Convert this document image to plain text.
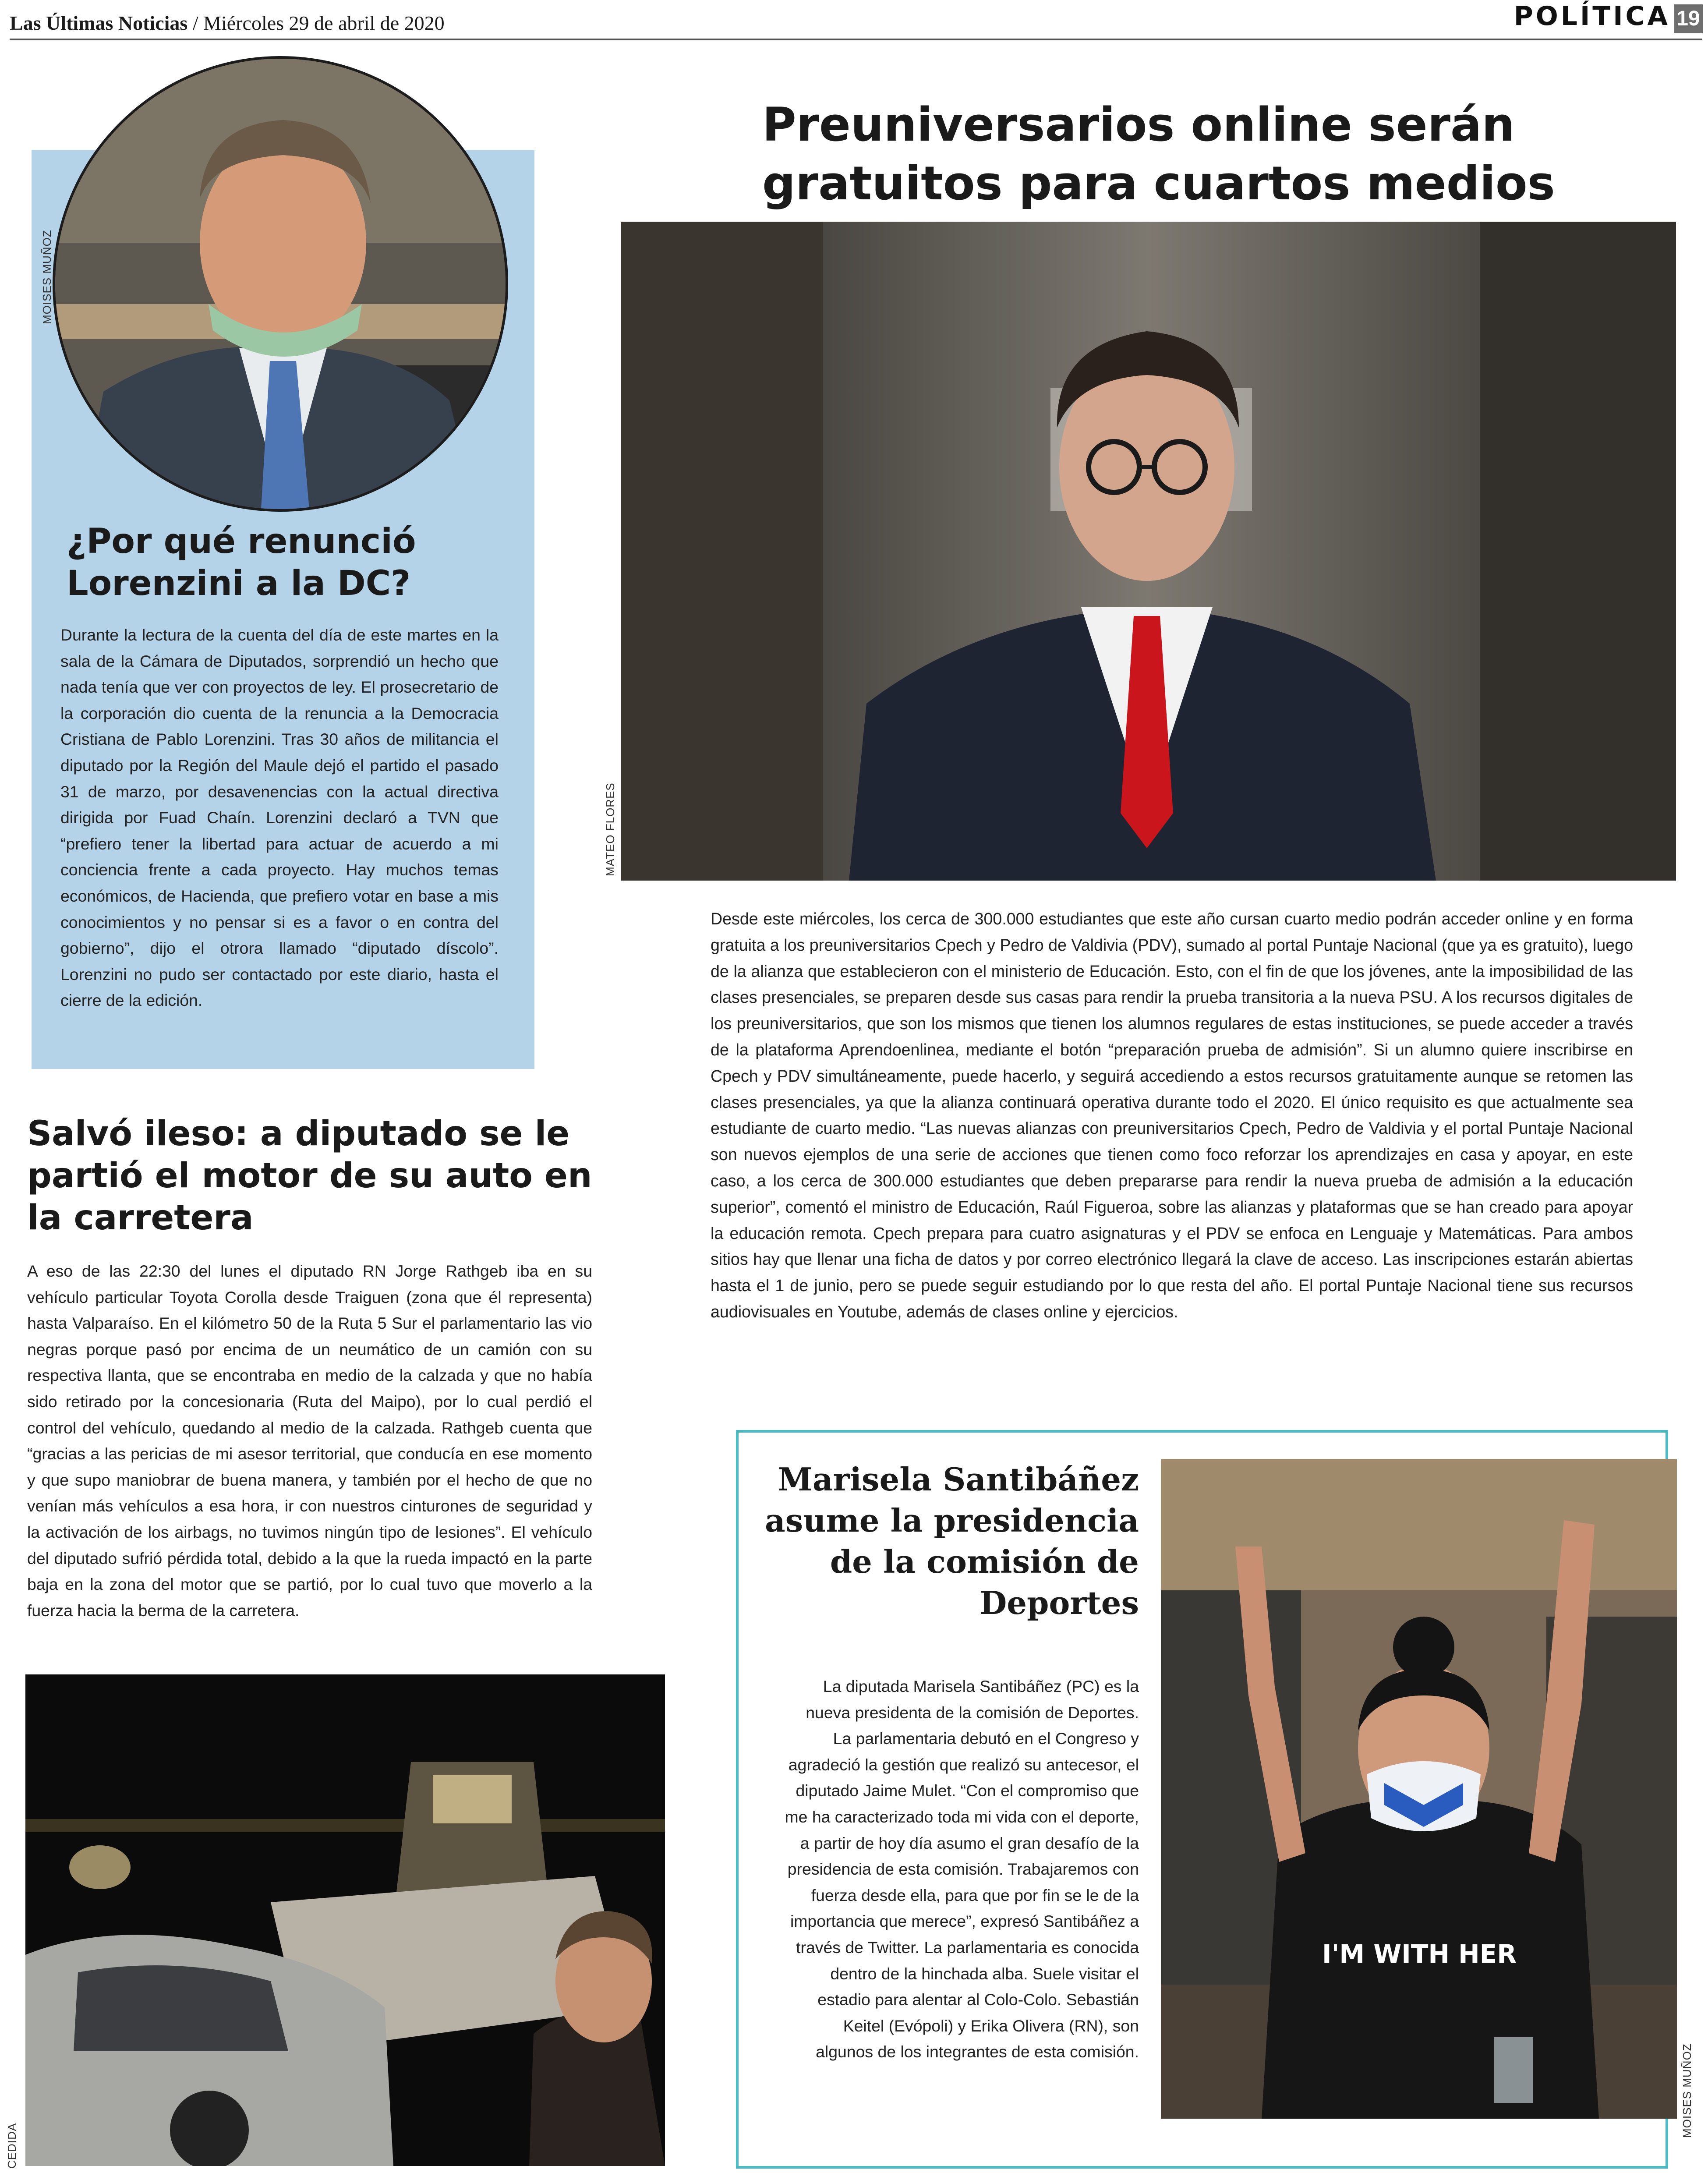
Las Últimas Noticias / Miércoles 29 de abril de 2020	POLÍTICA 19
MOISES MUÑOZ
¿Por qué renunció Lorenzini a la DC?

Durante la lectura de la cuenta del día de este martes en la sala de la Cámara de Diputados, sorprendió un hecho que nada tenía que ver con proyectos de ley. El prosecretario de la corporación dio cuenta de la renuncia a la Democracia Cristiana de Pablo Lorenzini. Tras 30 años de militancia el diputado por la Región del Maule dejó el partido el pasado 31 de marzo, por desavenencias con la actual directiva dirigida por Fuad Chaín. Lorenzini declaró a TVN que “prefiero tener la libertad para actuar de acuerdo a mi conciencia frente a cada proyecto. Hay muchos temas económicos, de Hacienda, que prefiero votar en base a mis conocimientos y no pensar si es a favor o en contra del gobierno”, dijo el otrora llamado “diputado díscolo”. Lorenzini no pudo ser contactado por este diario, hasta el cierre de la edición.

Preuniversarios online serán
gratuitos para cuartos medios
MATEO FLORES

Desde este miércoles, los cerca de 300.000 estudiantes que este año cursan cuarto medio podrán acceder online y en forma gratuita a los preuniversitarios Cpech y Pedro de Valdivia (PDV), sumado al portal Puntaje Nacional (que ya es gratuito), luego de la alianza que establecieron con el ministerio de Educación. Esto, con el fin de que los jóvenes, ante la imposibilidad de las clases presenciales, se preparen desde sus casas para rendir la prueba transitoria a la nueva PSU. A los recursos digitales de los preuniversitarios, que son los mismos que tienen los alumnos regulares de estas instituciones, se puede acceder a través de la plataforma Aprendoenlinea, mediante el botón “preparación prueba de admisión”. Si un alumno quiere inscribirse en Cpech y PDV simultáneamente, puede hacerlo, y seguirá accediendo a estos recursos gratuitamente aunque se retomen las clases presenciales, ya que la alianza continuará operativa durante todo el 2020. El único requisito es que actualmente sea estudiante de cuarto medio. “Las nuevas alianzas con preuniversitarios Cpech, Pedro de Valdivia y el portal Puntaje Nacional son nuevos ejemplos de una serie de acciones que tienen como foco reforzar los aprendizajes en casa y apoyar, en este caso, a los cerca de 300.000 estudiantes que deben prepararse para rendir la nueva prueba de admisión a la educación superior”, comentó el ministro de Educación, Raúl Figueroa, sobre las alianzas y plataformas que se han creado para apoyar la educación remota. Cpech prepara para cuatro asignaturas y el PDV se enfoca en Lenguaje y Matemáticas. Para ambos sitios hay que llenar una ficha de datos y por correo electrónico llegará la clave de acceso. Las inscripciones estarán abiertas hasta el 1 de junio, pero se puede seguir estudiando por lo que resta del año. El portal Puntaje Nacional tiene sus recursos audiovisuales en Youtube, además de clases online y ejercicios.

Salvó ileso: a diputado se le partió el motor de su auto en la carretera

A eso de las 22:30 del lunes el diputado RN Jorge Rathgeb iba en su vehículo particular Toyota Corolla desde Traiguen (zona que él representa) hasta Valparaíso. En el kilómetro 50 de la Ruta 5 Sur el parlamentario las vio negras porque pasó por encima de un neumático de un camión con su respectiva llanta, que se encontraba en medio de la calzada y que no había sido retirado por la concesionaria (Ruta del Maipo), por lo cual perdió el control del vehículo, quedando al medio de la calzada. Rathgeb cuenta que “gracias a las pericias de mi asesor territorial, que conducía en ese momento y que supo maniobrar de buena manera, y también por el hecho de que no venían más vehículos a esa hora, ir con nuestros cinturones de seguridad y la activación de los airbags, no tuvimos ningún tipo de lesiones”. El vehículo del diputado sufrió pérdida total, debido a la que la rueda impactó en la parte baja en la zona del motor que se partió, por lo cual tuvo que moverlo a la fuerza hacia la berma de la carretera.

CEDIDA
Marisela Santibáñez asume la presidencia de la comisión de Deportes

La diputada Marisela Santibáñez (PC) es la nueva presidenta de la comisión de Deportes. La parlamentaria debutó en el Congreso y agradeció la gestión que realizó su antecesor, el diputado Jaime Mulet. “Con el compromiso que me ha caracterizado toda mi vida con el deporte, a partir de hoy día asumo el gran desafío de la presidencia de esta comisión. Trabajaremos con fuerza desde ella, para que por fin se le de la importancia que merece”, expresó Santibáñez a través de Twitter. La parlamentaria es conocida dentro de la hinchada alba. Suele visitar el estadio para alentar al Colo-Colo. Sebastián Keitel (Evópoli) y Erika Olivera (RN), son algunos de los integrantes de esta comisión.

I'M WITH HER
MOISES MUÑOZ
